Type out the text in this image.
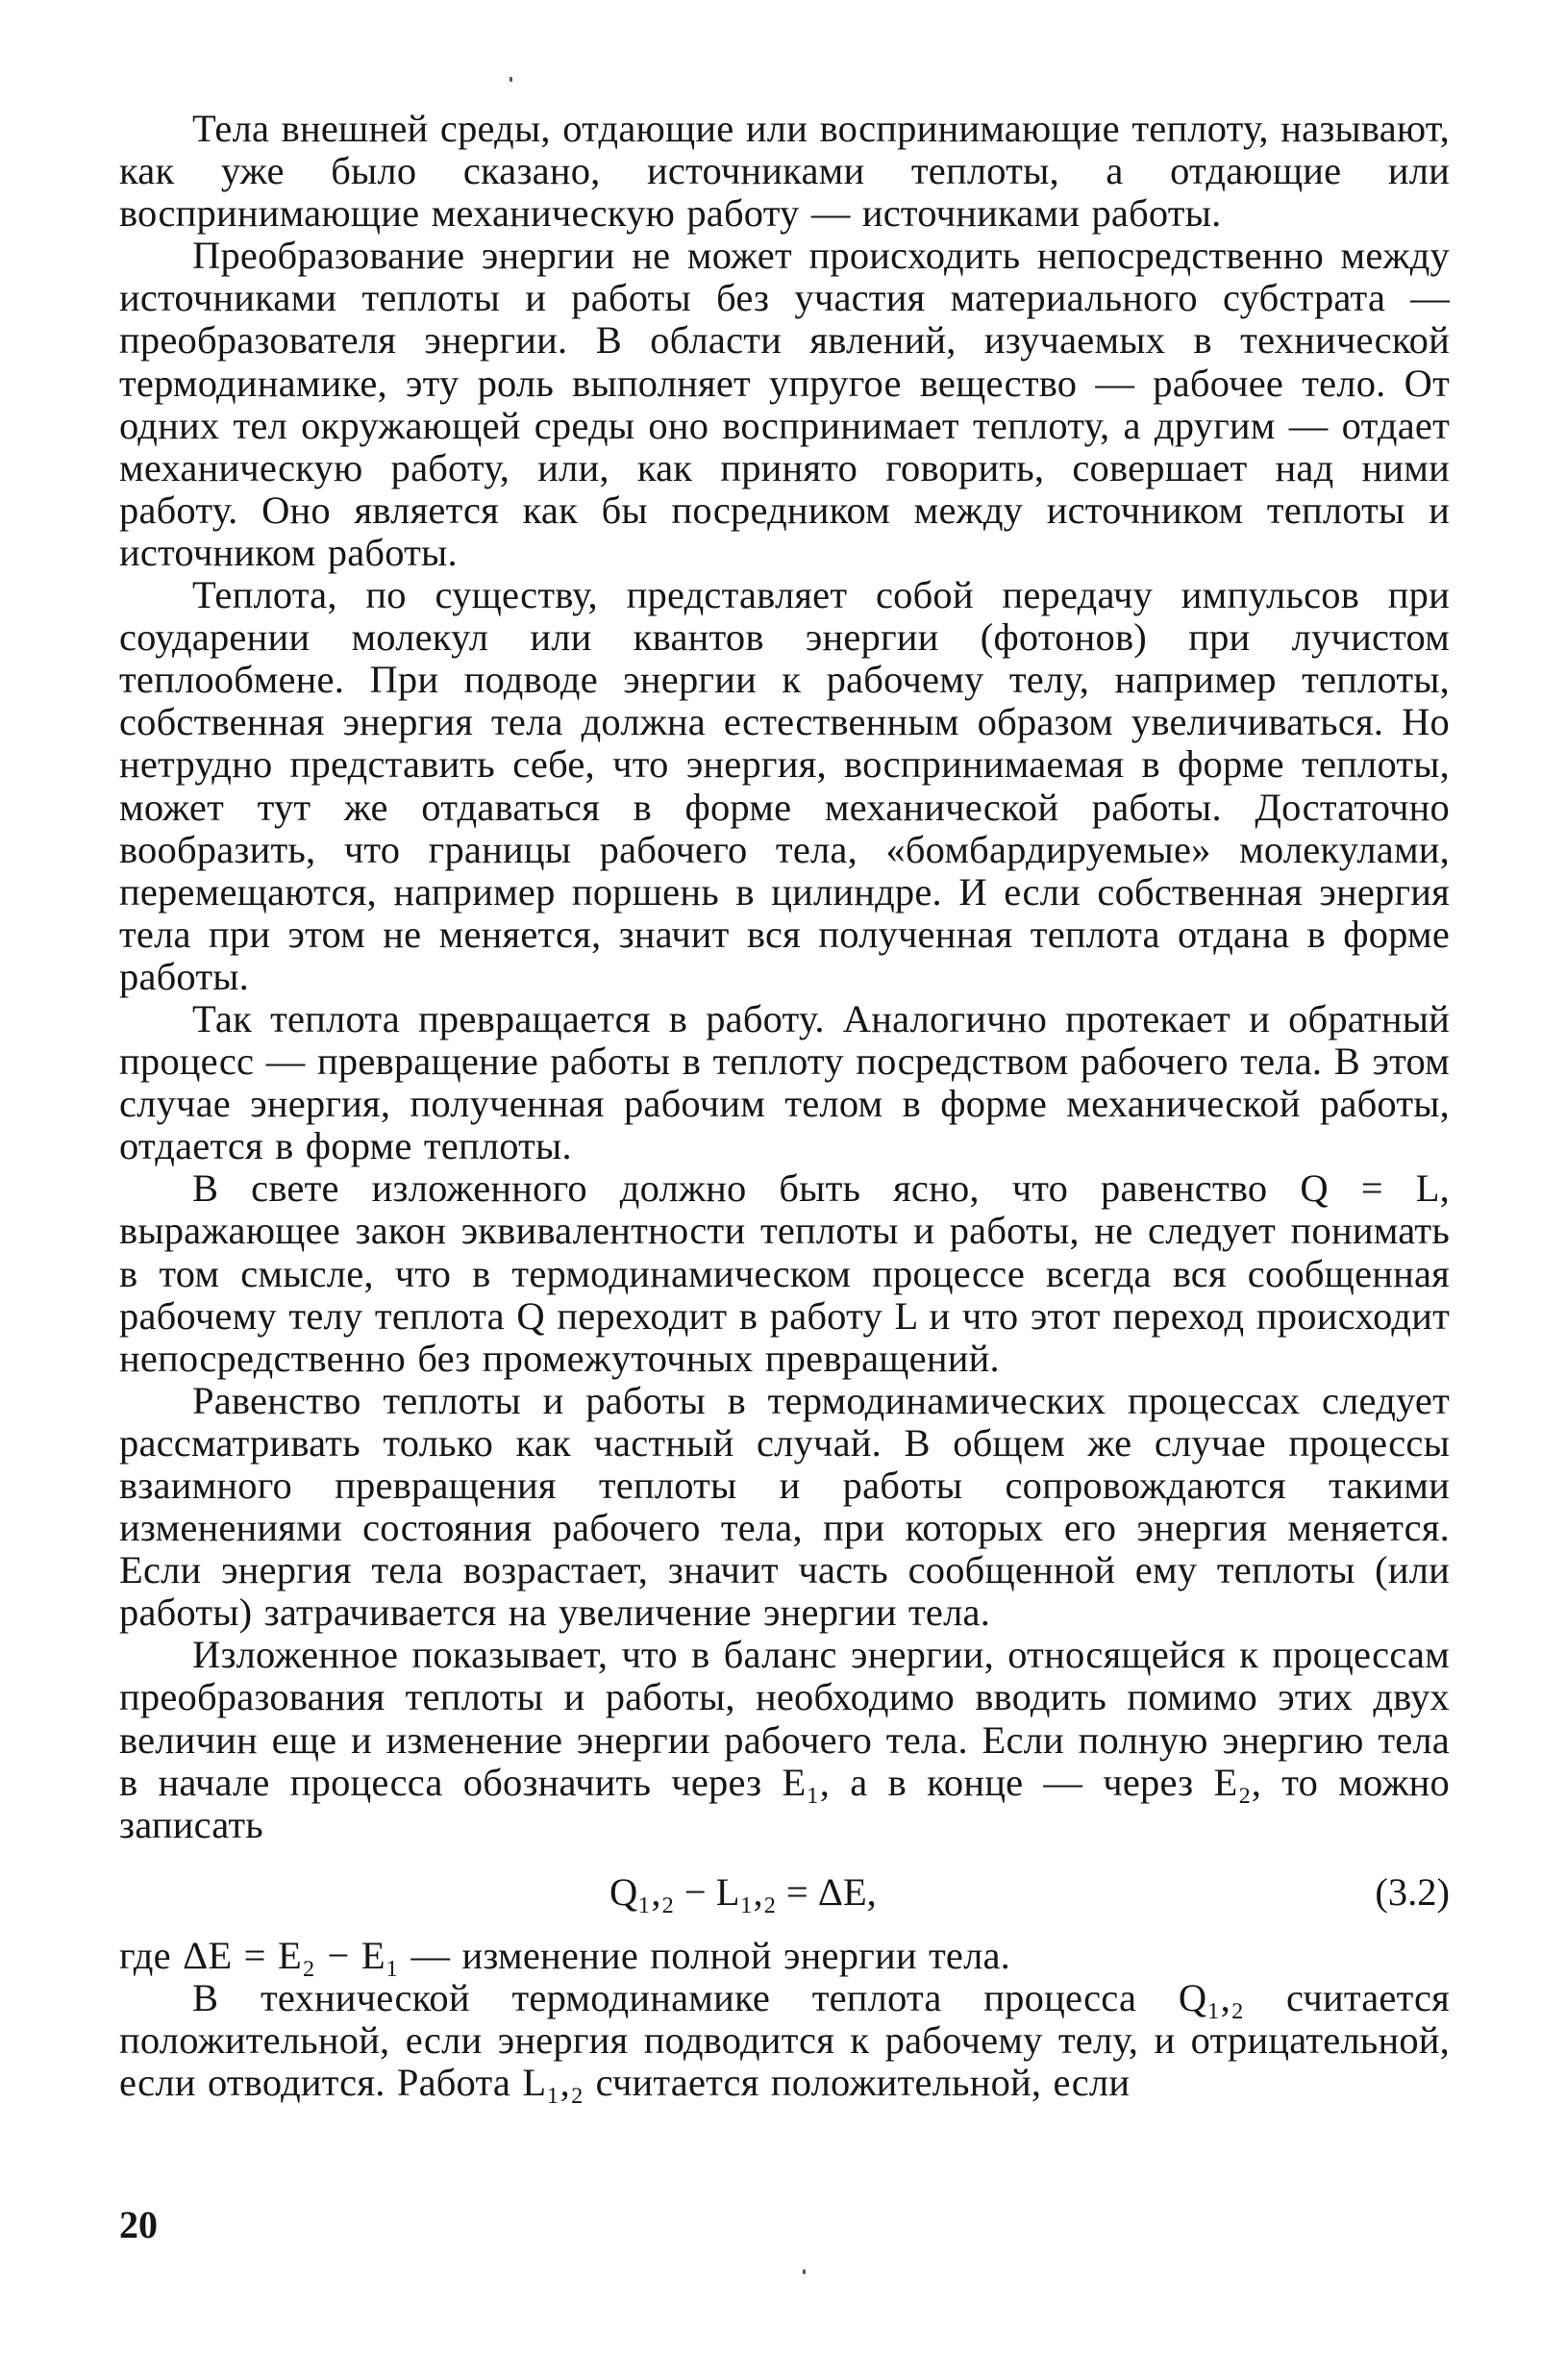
Тела внешней среды, отдающие или воспринимающие теплоту, называют, как уже было сказано, источниками теплоты, а отдающие или воспринимающие механическую работу — источниками работы.

Преобразование энергии не может происходить непосредственно между источниками теплоты и работы без участия материального субстрата — преобразователя энергии. В области явлений, изучаемых в технической термодинамике, эту роль выполняет упругое вещество — рабочее тело. От одних тел окружающей среды оно воспринимает теплоту, а другим — отдает механическую работу, или, как принято говорить, совершает над ними работу. Оно является как бы посредником между источником теплоты и источником работы.

Теплота, по существу, представляет собой передачу импульсов при соударении молекул или квантов энергии (фотонов) при лучистом теплообмене. При подводе энергии к рабочему телу, например теплоты, собственная энергия тела должна естественным образом увеличиваться. Но нетрудно представить себе, что энергия, воспринимаемая в форме теплоты, может тут же отдаваться в форме механической работы. Достаточно вообразить, что границы рабочего тела, «бомбардируемые» молекулами, перемещаются, например поршень в цилиндре. И если собственная энергия тела при этом не меняется, значит вся полученная теплота отдана в форме работы.

Так теплота превращается в работу. Аналогично протекает и обратный процесс — превращение работы в теплоту посредством рабочего тела. В этом случае энергия, полученная рабочим телом в форме механической работы, отдается в форме теплоты.

В свете изложенного должно быть ясно, что равенство Q = L, выражающее закон эквивалентности теплоты и работы, не следует понимать в том смысле, что в термодинамическом процессе всегда вся сообщенная рабочему телу теплота Q переходит в работу L и что этот переход происходит непосредственно без промежуточных превращений.

Равенство теплоты и работы в термодинамических процессах следует рассматривать только как частный случай. В общем же случае процессы взаимного превращения теплоты и работы сопровождаются такими изменениями состояния рабочего тела, при которых его энергия меняется. Если энергия тела возрастает, значит часть сообщенной ему теплоты (или работы) затрачивается на увеличение энергии тела.

Изложенное показывает, что в баланс энергии, относящейся к процессам преобразования теплоты и работы, необходимо вводить помимо этих двух величин еще и изменение энергии рабочего тела. Если полную энергию тела в начале процесса обозначить через E₁, а в конце — через E₂, то можно записать

Q₁,₂ − L₁,₂ = ΔE,	(3.2)

где ΔE = E₂ − E₁ — изменение полной энергии тела.

В технической термодинамике теплота процесса Q₁,₂ считается положительной, если энергия подводится к рабочему телу, и отрицательной, если отводится. Работа L₁,₂ считается положительной, если

20
